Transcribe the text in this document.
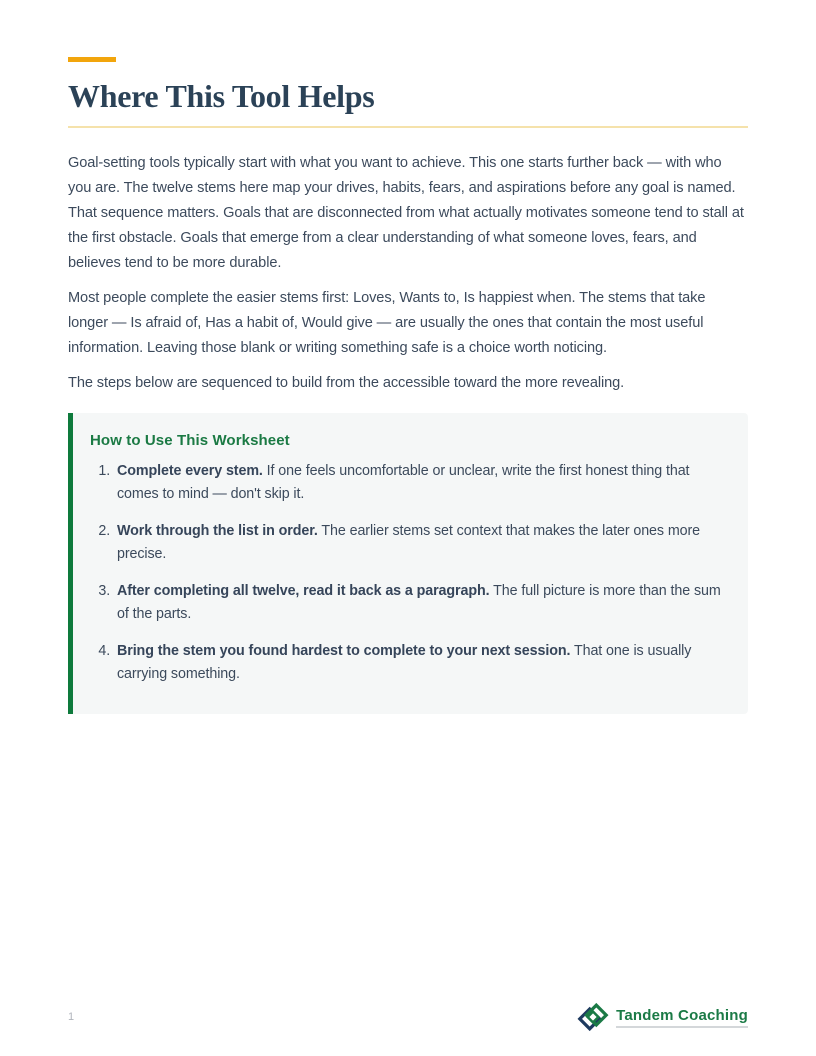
Where This Tool Helps

Goal-setting tools typically start with what you want to achieve. This one starts further back — with who you are. The twelve stems here map your drives, habits, fears, and aspirations before any goal is named. That sequence matters. Goals that are disconnected from what actually motivates someone tend to stall at the first obstacle. Goals that emerge from a clear understanding of what someone loves, fears, and believes tend to be more durable.

Most people complete the easier stems first: Loves, Wants to, Is happiest when. The stems that take longer — Is afraid of, Has a habit of, Would give — are usually the ones that contain the most useful information. Leaving those blank or writing something safe is a choice worth noticing.

The steps below are sequenced to build from the accessible toward the more revealing.

How to Use This Worksheet
1. Complete every stem. If one feels uncomfortable or unclear, write the first honest thing that comes to mind — don't skip it.
2. Work through the list in order. The earlier stems set context that makes the later ones more precise.
3. After completing all twelve, read it back as a paragraph. The full picture is more than the sum of the parts.
4. Bring the stem you found hardest to complete to your next session. That one is usually carrying something.
1	Tandem Coaching
